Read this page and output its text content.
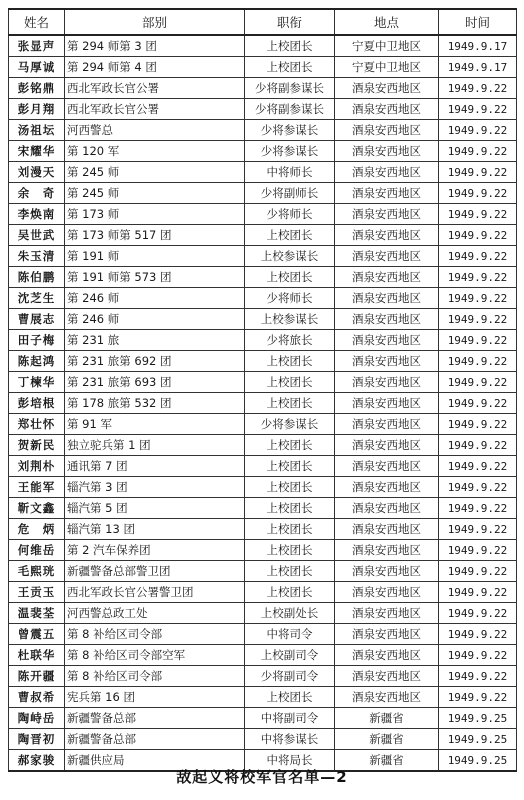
姓名	部别	职衔	地点	时间
张显声	第 294 师第 3 团	上校团长	宁夏中卫地区	1949.9.17
马厚诚	第 294 师第 4 团	上校团长	宁夏中卫地区	1949.9.17
彭铭鼎	西北军政长官公署	少将副参谋长	酒泉安西地区	1949.9.22
彭月翔	西北军政长官公署	少将副参谋长	酒泉安西地区	1949.9.22
汤祖坛	河西警总	少将参谋长	酒泉安西地区	1949.9.22
宋耀华	第 120 军	少将参谋长	酒泉安西地区	1949.9.22
刘漫天	第 245 师	中将师长	酒泉安西地区	1949.9.22
余　奇	第 245 师	少将副师长	酒泉安西地区	1949.9.22
李焕南	第 173 师	少将师长	酒泉安西地区	1949.9.22
吴世武	第 173 师第 517 团	上校团长	酒泉安西地区	1949.9.22
朱玉清	第 191 师	上校参谋长	酒泉安西地区	1949.9.22
陈伯鹏	第 191 师第 573 团	上校团长	酒泉安西地区	1949.9.22
沈芝生	第 246 师	少将师长	酒泉安西地区	1949.9.22
曹展志	第 246 师	上校参谋长	酒泉安西地区	1949.9.22
田子梅	第 231 旅	少将旅长	酒泉安西地区	1949.9.22
陈起鸿	第 231 旅第 692 团	上校团长	酒泉安西地区	1949.9.22
丁楝华	第 231 旅第 693 团	上校团长	酒泉安西地区	1949.9.22
彭培根	第 178 旅第 532 团	上校团长	酒泉安西地区	1949.9.22
郑壮怀	第 91 军	少将参谋长	酒泉安西地区	1949.9.22
贺新民	独立驼兵第 1 团	上校团长	酒泉安西地区	1949.9.22
刘荆朴	通讯第 7 团	上校团长	酒泉安西地区	1949.9.22
王能军	辎汽第 3 团	上校团长	酒泉安西地区	1949.9.22
靳文鑫	辎汽第 5 团	上校团长	酒泉安西地区	1949.9.22
危　炳	辎汽第 13 团	上校团长	酒泉安西地区	1949.9.22
何维岳	第 2 汽车保养团	上校团长	酒泉安西地区	1949.9.22
毛熙珖	新疆警备总部警卫团	上校团长	酒泉安西地区	1949.9.22
王贡玉	西北军政长官公署警卫团	上校团长	酒泉安西地区	1949.9.22
温裴荃	河西警总政工处	上校副处长	酒泉安西地区	1949.9.22
曾震五	第 8 补给区司令部	中将司令	酒泉安西地区	1949.9.22
杜联华	第 8 补给区司令部空军	上校副司令	酒泉安西地区	1949.9.22
陈开疆	第 8 补给区司令部	少将副司令	酒泉安西地区	1949.9.22
曹叔希	宪兵第 16 团	上校团长	酒泉安西地区	1949.9.22
陶峙岳	新疆警备总部	中将副司令	新疆省	1949.9.25
陶晋初	新疆警备总部	中将参谋长	新疆省	1949.9.25
郝家骏	新疆供应局	中将局长	新疆省	1949.9.25
敌起义将校军官名单—2
